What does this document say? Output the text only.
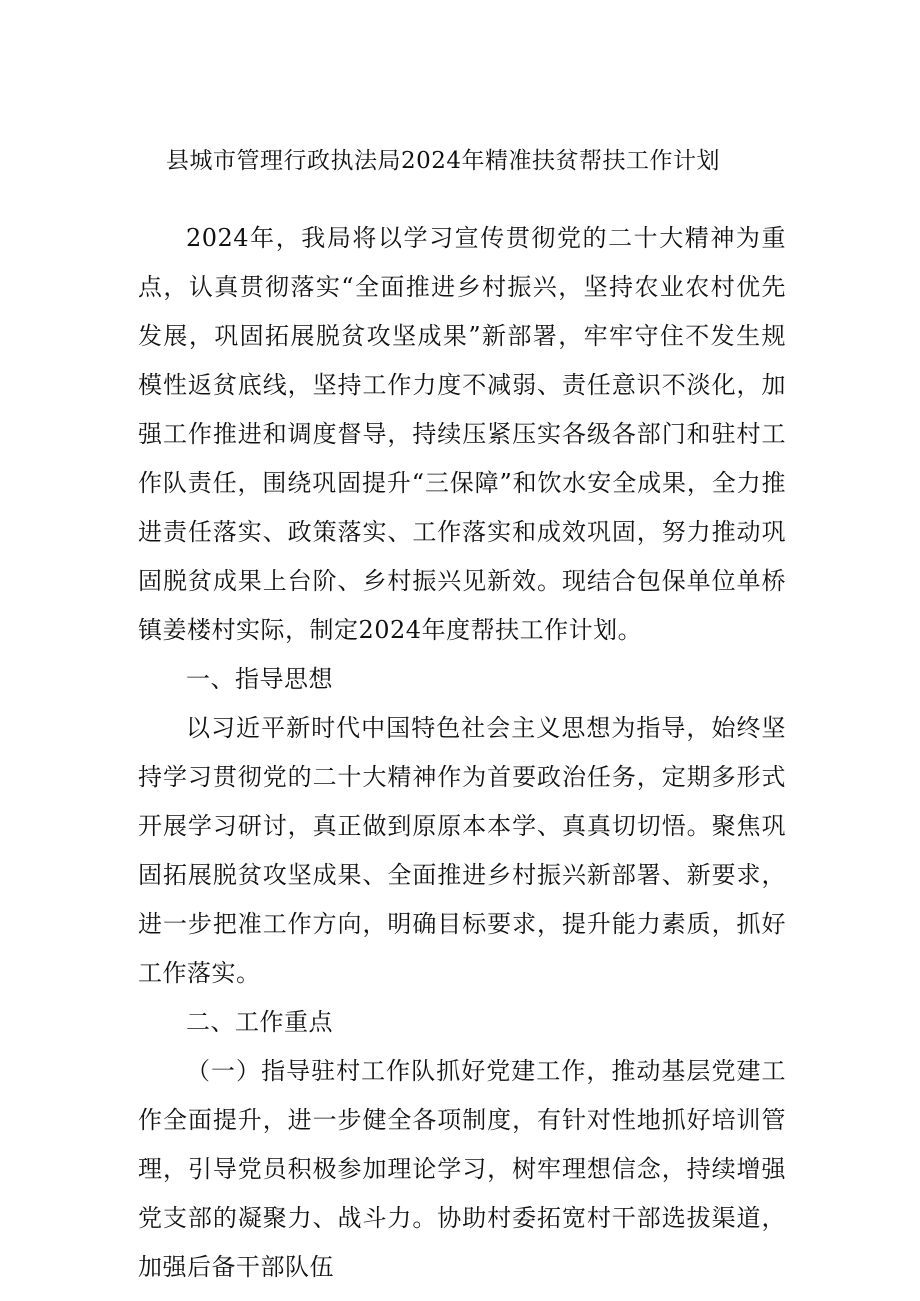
县城市管理行政执法局2024年精准扶贫帮扶工作计划

2024年，我局将以学习宣传贯彻党的二十大精神为重点，认真贯彻落实“全面推进乡村振兴，坚持农业农村优先发展，巩固拓展脱贫攻坚成果”新部署，牢牢守住不发生规模性返贫底线，坚持工作力度不减弱、责任意识不淡化，加强工作推进和调度督导，持续压紧压实各级各部门和驻村工作队责任，围绕巩固提升“三保障”和饮水安全成果，全力推进责任落实、政策落实、工作落实和成效巩固，努力推动巩固脱贫成果上台阶、乡村振兴见新效。现结合包保单位单桥镇姜楼村实际，制定2024年度帮扶工作计划。

一、指导思想

以习近平新时代中国特色社会主义思想为指导，始终坚持学习贯彻党的二十大精神作为首要政治任务，定期多形式开展学习研讨，真正做到原原本本学、真真切切悟。聚焦巩固拓展脱贫攻坚成果、全面推进乡村振兴新部署、新要求，进一步把准工作方向，明确目标要求，提升能力素质，抓好工作落实。

二、工作重点

（一）指导驻村工作队抓好党建工作，推动基层党建工作全面提升，进一步健全各项制度，有针对性地抓好培训管理，引导党员积极参加理论学习，树牢理想信念，持续增强党支部的凝聚力、战斗力。协助村委拓宽村干部选拔渠道，加强后备干部队伍
